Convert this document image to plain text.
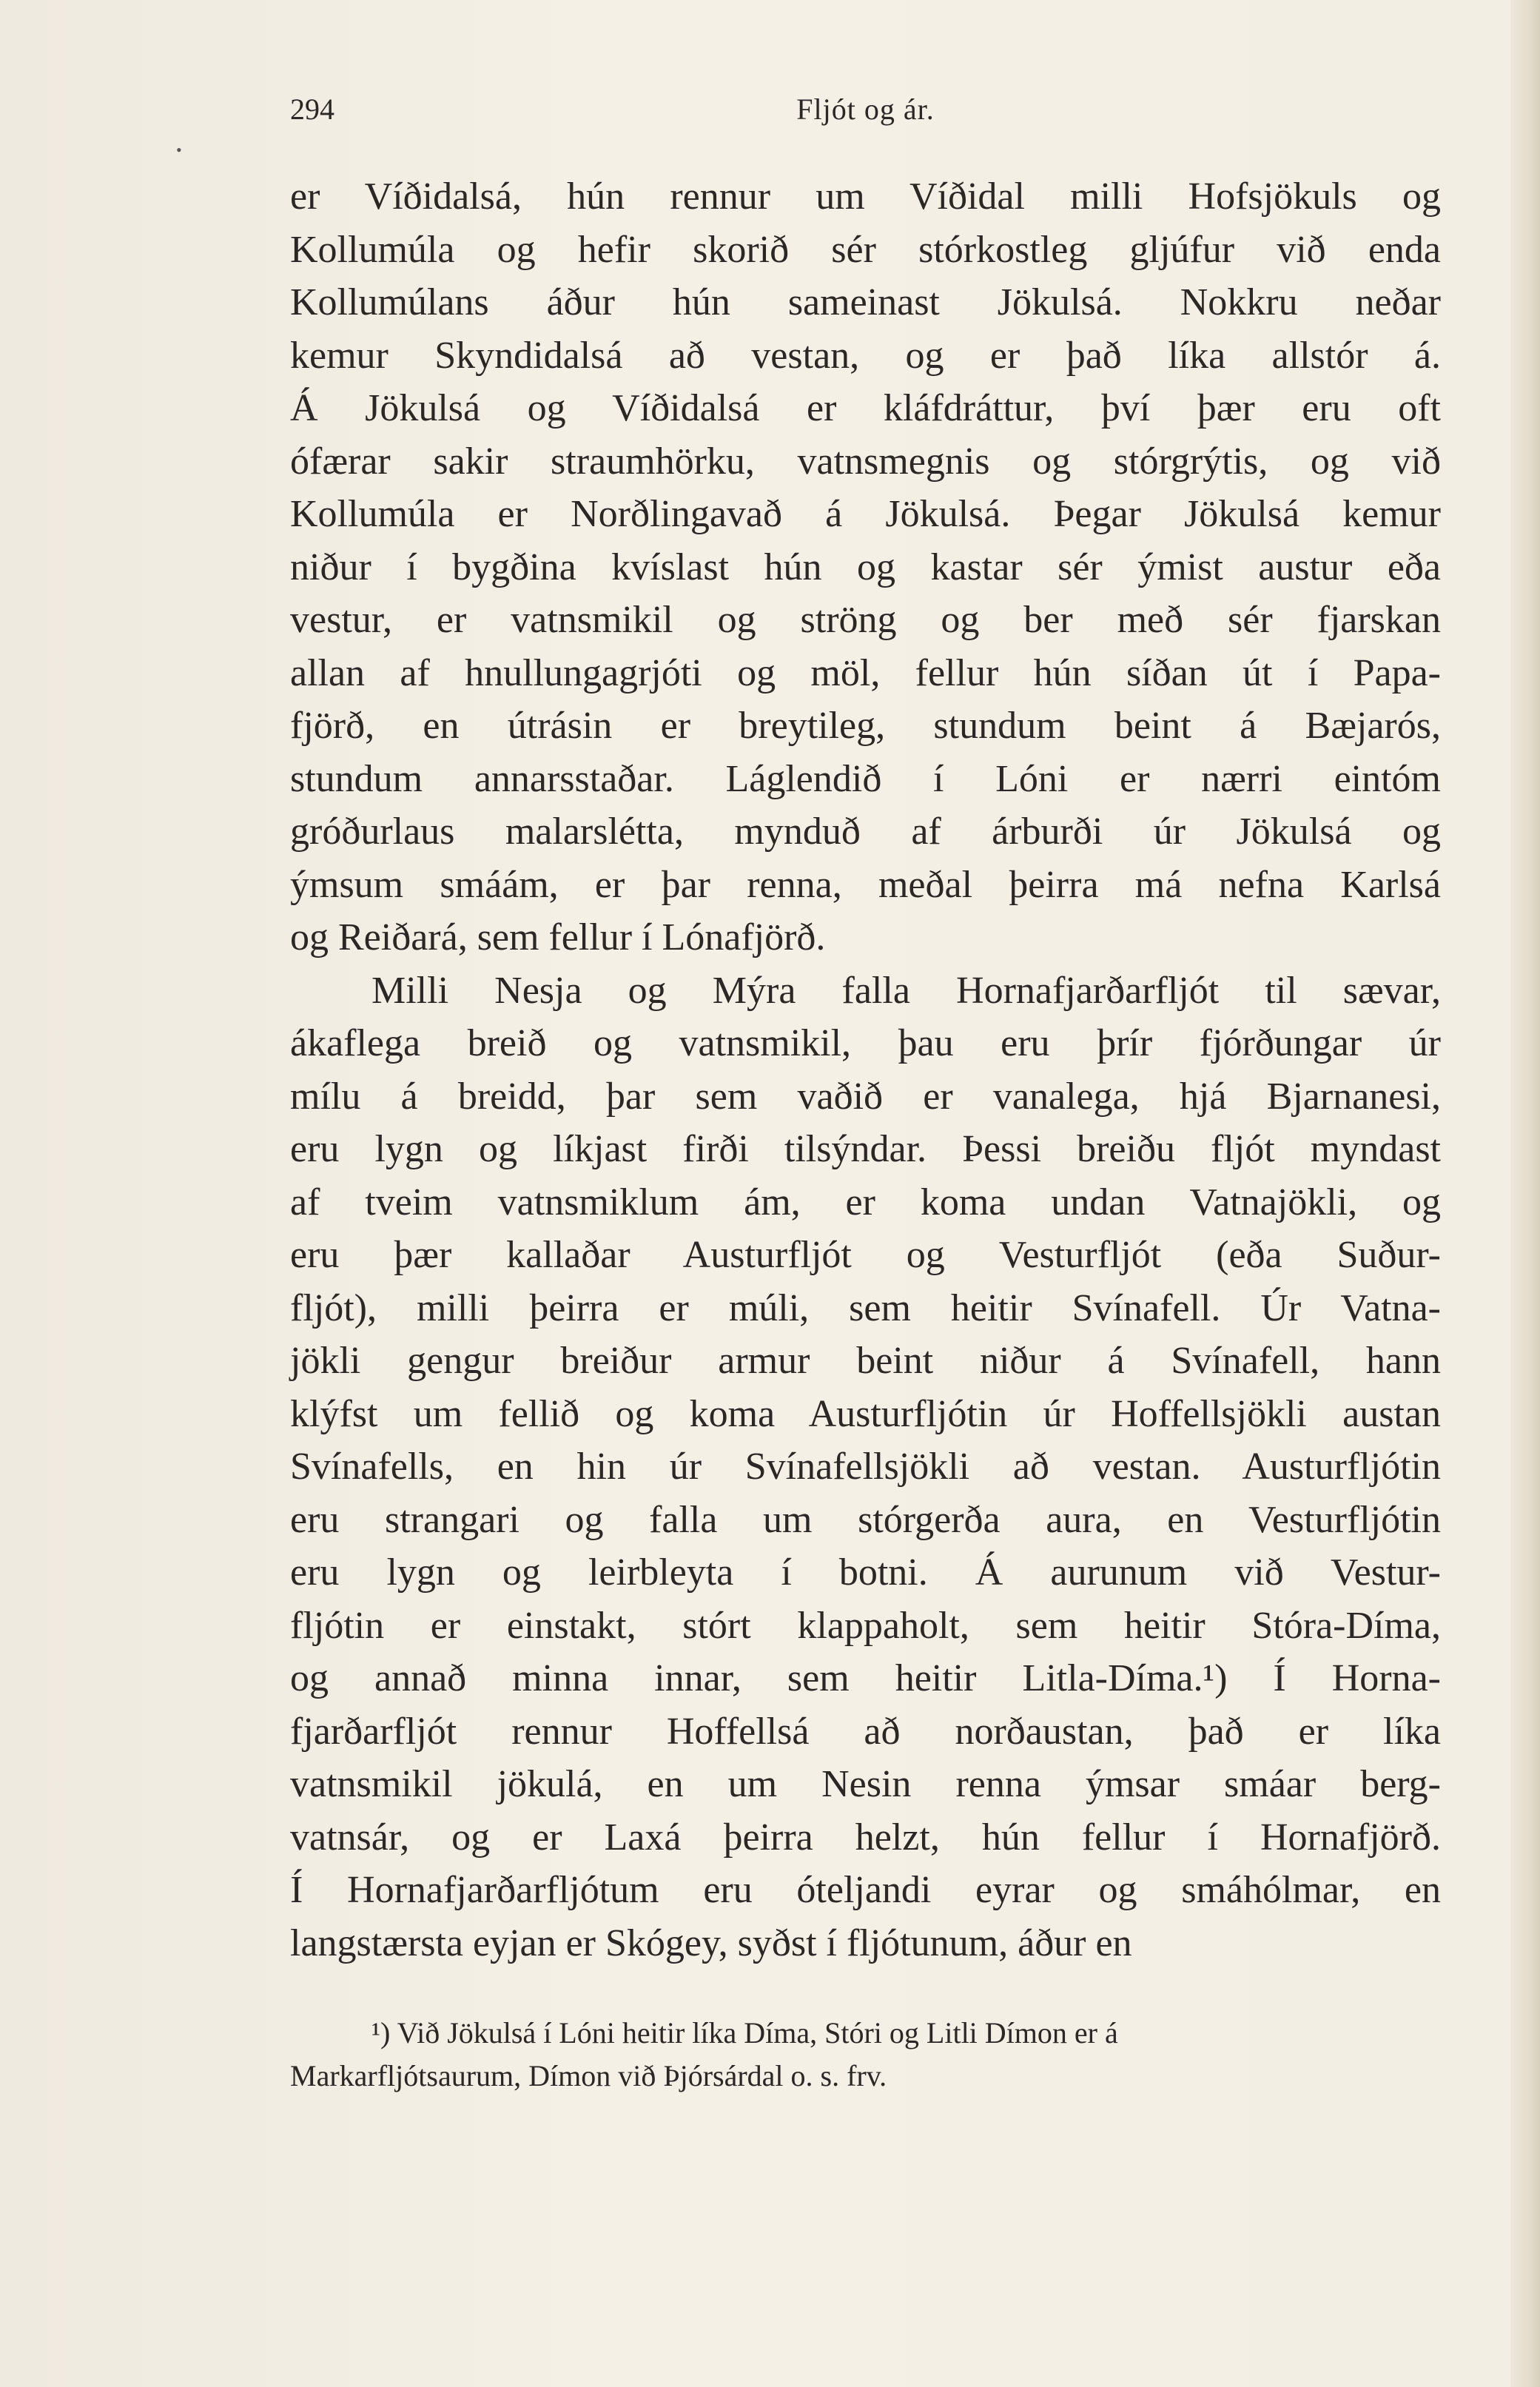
294	Fljót og ár.
•
er Víðidalsá, hún rennur um Víðidal milli Hofsjökuls og
Kollumúla og hefir skorið sér stórkostleg gljúfur við enda
Kollumúlans áður hún sameinast Jökulsá. Nokkru neðar
kemur Skyndidalsá að vestan, og er það líka allstór á.
Á Jökulsá og Víðidalsá er kláfdráttur, því þær eru oft
ófærar sakir straumhörku, vatnsmegnis og stórgrýtis, og við
Kollumúla er Norðlingavað á Jökulsá. Þegar Jökulsá kemur
niður í bygðina kvíslast hún og kastar sér ýmist austur eða
vestur, er vatnsmikil og ströng og ber með sér fjarskan
allan af hnullungagrjóti og möl, fellur hún síðan út í Papa-
fjörð, en útrásin er breytileg, stundum beint á Bæjarós,
stundum annarsstaðar. Láglendið í Lóni er nærri eintóm
gróðurlaus malarslétta, mynduð af árburði úr Jökulsá og
ýmsum smáám, er þar renna, meðal þeirra má nefna Karlsá
og Reiðará, sem fellur í Lónafjörð.
Milli Nesja og Mýra falla Hornafjarðarfljót til sævar,
ákaflega breið og vatnsmikil, þau eru þrír fjórðungar úr
mílu á breidd, þar sem vaðið er vanalega, hjá Bjarnanesi,
eru lygn og líkjast firði tilsýndar. Þessi breiðu fljót myndast
af tveim vatnsmiklum ám, er koma undan Vatnajökli, og
eru þær kallaðar Austurfljót og Vesturfljót (eða Suður-
fljót), milli þeirra er múli, sem heitir Svínafell. Úr Vatna-
jökli gengur breiður armur beint niður á Svínafell, hann
klýfst um fellið og koma Austurfljótin úr Hoffellsjökli austan
Svínafells, en hin úr Svínafellsjökli að vestan. Austurfljótin
eru strangari og falla um stórgerða aura, en Vesturfljótin
eru lygn og leirbleyta í botni. Á aurunum við Vestur-
fljótin er einstakt, stórt klappaholt, sem heitir Stóra-Díma,
og annað minna innar, sem heitir Litla-Díma.¹) Í Horna-
fjarðarfljót rennur Hoffellsá að norðaustan, það er líka
vatnsmikil jökulá, en um Nesin renna ýmsar smáar berg-
vatnsár, og er Laxá þeirra helzt, hún fellur í Hornafjörð.
Í Hornafjarðarfljótum eru óteljandi eyrar og smáhólmar, en
langstærsta eyjan er Skógey, syðst í fljótunum, áður en
¹) Við Jökulsá í Lóni heitir líka Díma, Stóri og Litli Dímon er á
Markarfljótsaurum, Dímon við Þjórsárdal o. s. frv.
